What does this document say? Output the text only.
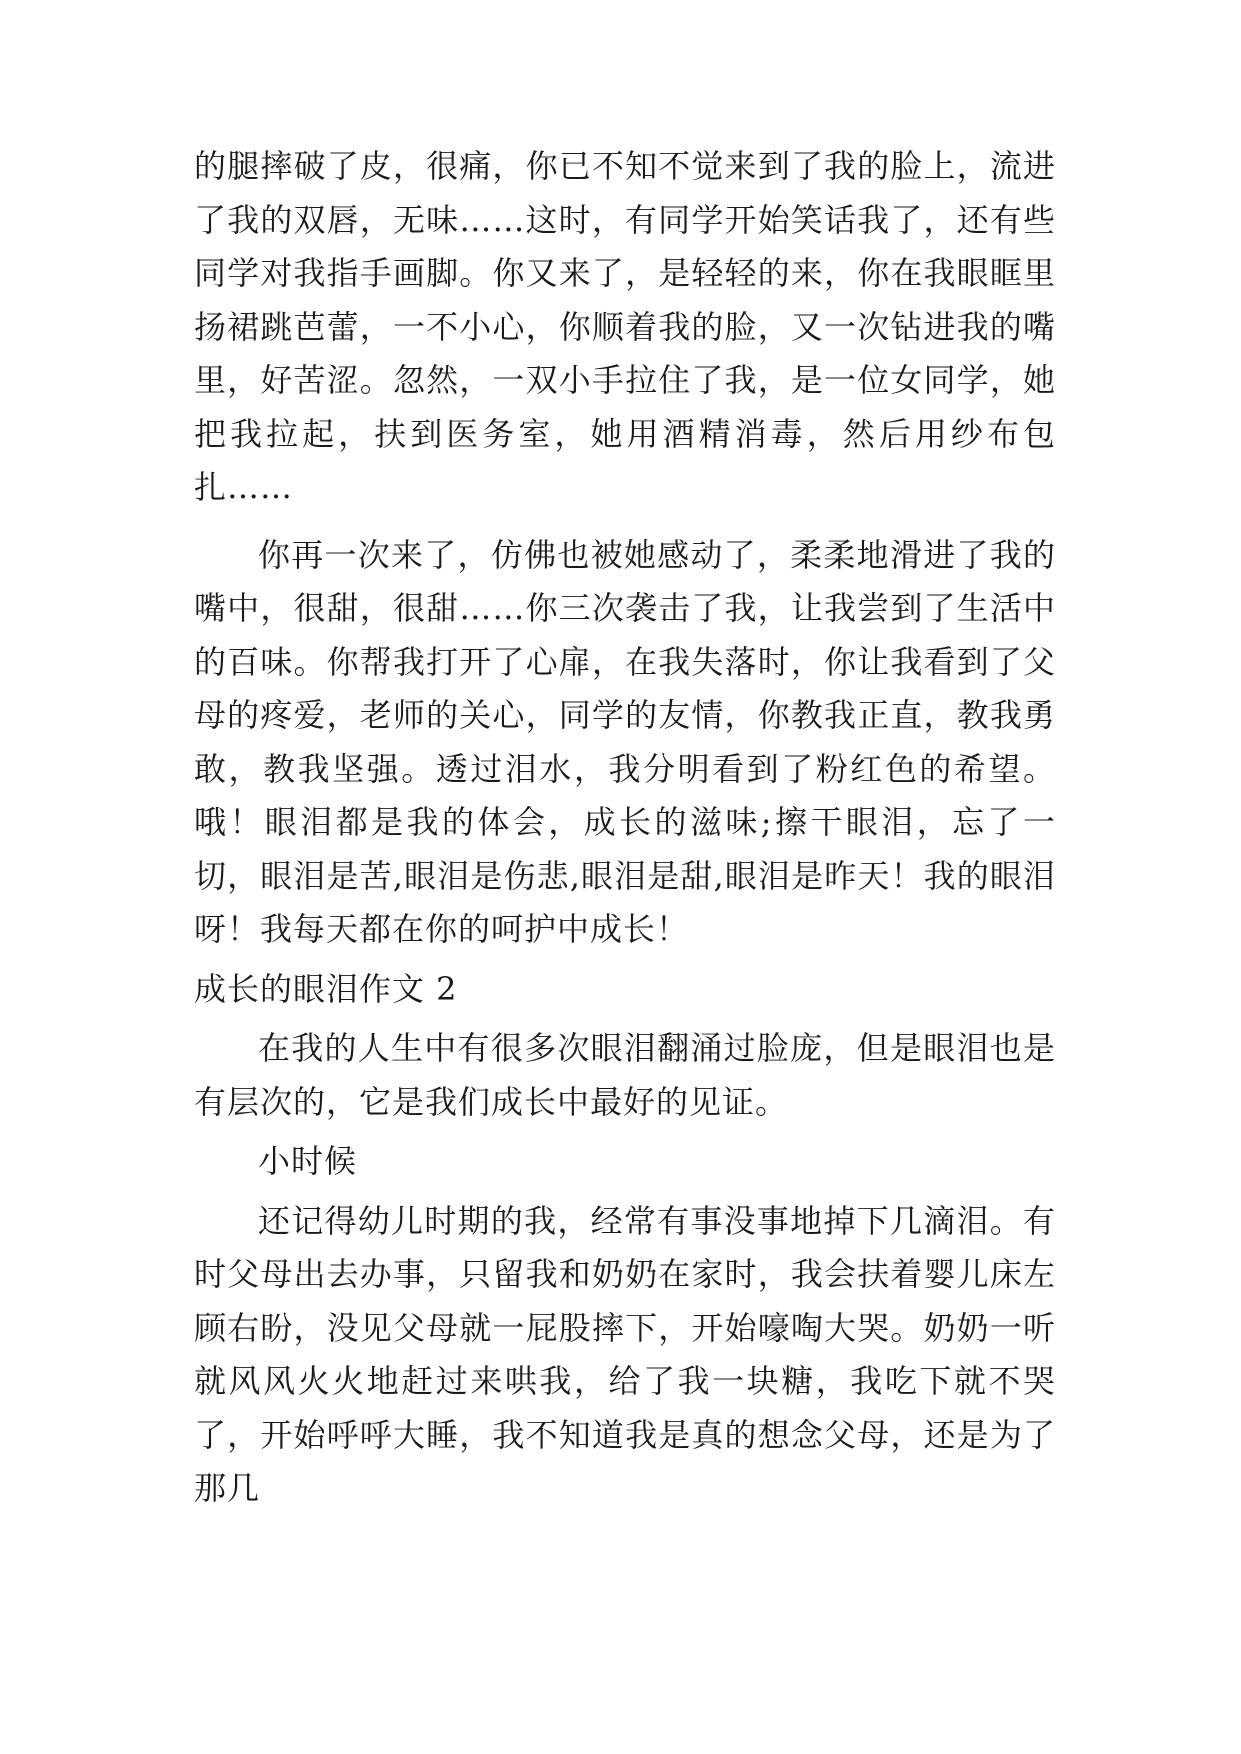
的腿摔破了皮，很痛，你已不知不觉来到了我的脸上，流进了我的双唇，无味……这时，有同学开始笑话我了，还有些同学对我指手画脚。你又来了，是轻轻的来，你在我眼眶里扬裙跳芭蕾，一不小心，你顺着我的脸，又一次钻进我的嘴里，好苦涩。忽然，一双小手拉住了我，是一位女同学，她把我拉起，扶到医务室，她用酒精消毒，然后用纱布包扎……

你再一次来了，仿佛也被她感动了，柔柔地滑进了我的嘴中，很甜，很甜……你三次袭击了我，让我尝到了生活中的百味。你帮我打开了心扉，在我失落时，你让我看到了父母的疼爱，老师的关心，同学的友情，你教我正直，教我勇敢，教我坚强。透过泪水，我分明看到了粉红色的希望。哦！眼泪都是我的体会，成长的滋味;擦干眼泪，忘了一切，眼泪是苦,眼泪是伤悲,眼泪是甜,眼泪是昨天！我的眼泪呀！我每天都在你的呵护中成长！

成长的眼泪作文 2

在我的人生中有很多次眼泪翻涌过脸庞，但是眼泪也是有层次的，它是我们成长中最好的见证。

小时候

还记得幼儿时期的我，经常有事没事地掉下几滴泪。有时父母出去办事，只留我和奶奶在家时，我会扶着婴儿床左顾右盼，没见父母就一屁股摔下，开始嚎啕大哭。奶奶一听就风风火火地赶过来哄我，给了我一块糖，我吃下就不哭了，开始呼呼大睡，我不知道我是真的想念父母，还是为了那几
